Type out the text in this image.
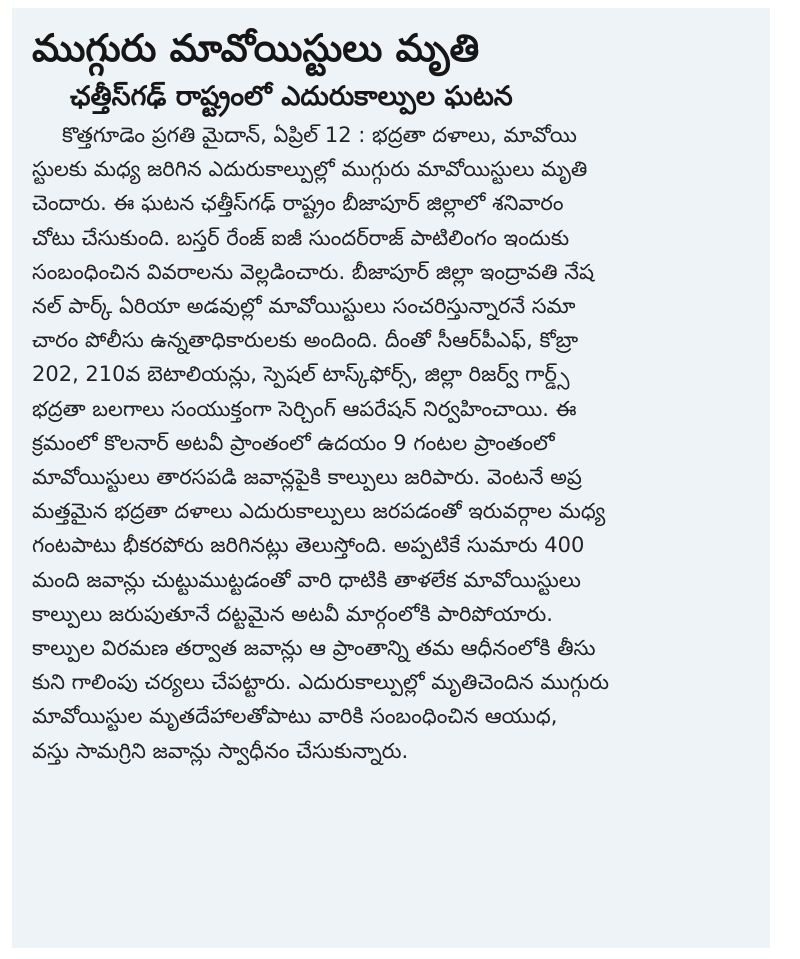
ముగ్గురు మావోయిస్టులు మృతి
ఛత్తీస్‌గఢ్ రాష్ట్రంలో ఎదురుకాల్పుల ఘటన
కొత్తగూడెం ప్రగతి మైదాన్, ఏప్రిల్ 12 : భద్రతా దళాలు, మావోయి
స్టులకు మధ్య జరిగిన ఎదురుకాల్పుల్లో ముగ్గురు మావోయిస్టులు మృతి
చెందారు. ఈ ఘటన ఛత్తీస్‌గఢ్ రాష్ట్రం బీజాపూర్ జిల్లాలో శనివారం
చోటు చేసుకుంది. బస్తర్ రేంజ్ ఐజీ సుందర్‌రాజ్ పాటిలింగం ఇందుకు
సంబంధించిన వివరాలను వెల్లడించారు. బీజాపూర్ జిల్లా ఇంద్రావతి నేష
నల్ పార్క్ ఏరియా అడవుల్లో మావోయిస్టులు సంచరిస్తున్నారనే సమా
చారం పోలీసు ఉన్నతాధికారులకు అందింది. దీంతో సీఆర్‌పీఎఫ్, కోబ్రా
202, 210వ బెటాలియన్లు, స్పెషల్ టాస్క్‌ఫోర్స్, జిల్లా రిజర్వ్ గార్డ్స్
భద్రతా బలగాలు సంయుక్తంగా సెర్చింగ్ ఆపరేషన్ నిర్వహించాయి. ఈ
క్రమంలో కొలనార్ అటవీ ప్రాంతంలో ఉదయం 9 గంటల ప్రాంతంలో
మావోయిస్టులు తారసపడి జవాన్లపైకి కాల్పులు జరిపారు. వెంటనే అప్ర
మత్తమైన భద్రతా దళాలు ఎదురుకాల్పులు జరపడంతో ఇరువర్గాల మధ్య
గంటపాటు భీకరపోరు జరిగినట్లు తెలుస్తోంది. అప్పటికే సుమారు 400
మంది జవాన్లు చుట్టుముట్టడంతో వారి ధాటికి తాళలేక మావోయిస్టులు
కాల్పులు జరుపుతూనే దట్టమైన అటవీ మార్గంలోకి పారిపోయారు.
కాల్పుల విరమణ తర్వాత జవాన్లు ఆ ప్రాంతాన్ని తమ ఆధీనంలోకి తీసు
కుని గాలింపు చర్యలు చేపట్టారు. ఎదురుకాల్పుల్లో మృతిచెందిన ముగ్గురు
మావోయిస్టుల మృతదేహాలతోపాటు వారికి సంబంధించిన ఆయుధ,
వస్తు సామగ్రిని జవాన్లు స్వాధీనం చేసుకున్నారు.
